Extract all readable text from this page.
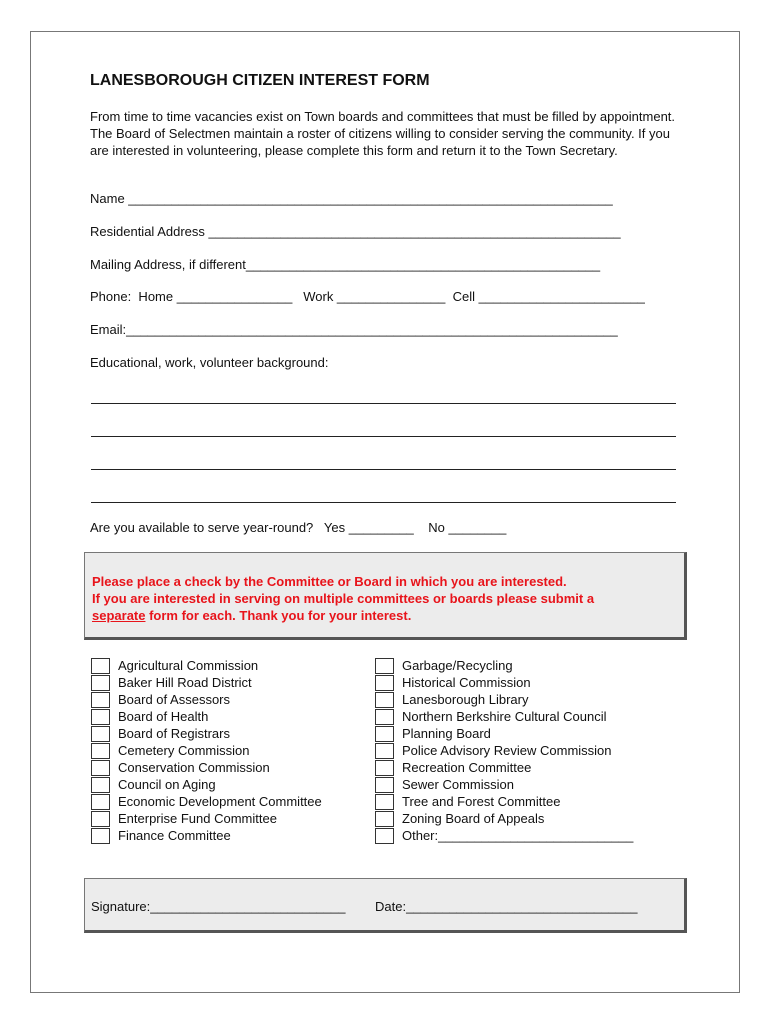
LANESBOROUGH CITIZEN INTEREST FORM

From time to time vacancies exist on Town boards and committees that must be filled by appointment. The Board of Selectmen maintain a roster of citizens willing to consider serving the community. If you are interested in volunteering, please complete this form and return it to the Town Secretary.

Name ___________________________________________________________________
Residential Address _________________________________________________________
Mailing Address, if different_________________________________________________
Phone:  Home ________________   Work _______________  Cell _______________________
Email:____________________________________________________________________
Educational, work, volunteer background:
Are you available to serve year-round?   Yes _________    No ________

Please place a check by the Committee or Board in which you are interested.
If you are interested in serving on multiple committees or boards please submit a
separate form for each. Thank you for your interest.

Agricultural Commission
Baker Hill Road District
Board of Assessors
Board of Health
Board of Registrars
Cemetery Commission
Conservation Commission
Council on Aging
Economic Development Committee
Enterprise Fund Committee
Finance Committee
Garbage/Recycling
Historical Commission
Lanesborough Library
Northern Berkshire Cultural Council
Planning Board
Police Advisory Review Commission
Recreation Committee
Sewer Commission
Tree and Forest Committee
Zoning Board of Appeals
Other:___________________________
Signature:___________________________ Date:________________________________
